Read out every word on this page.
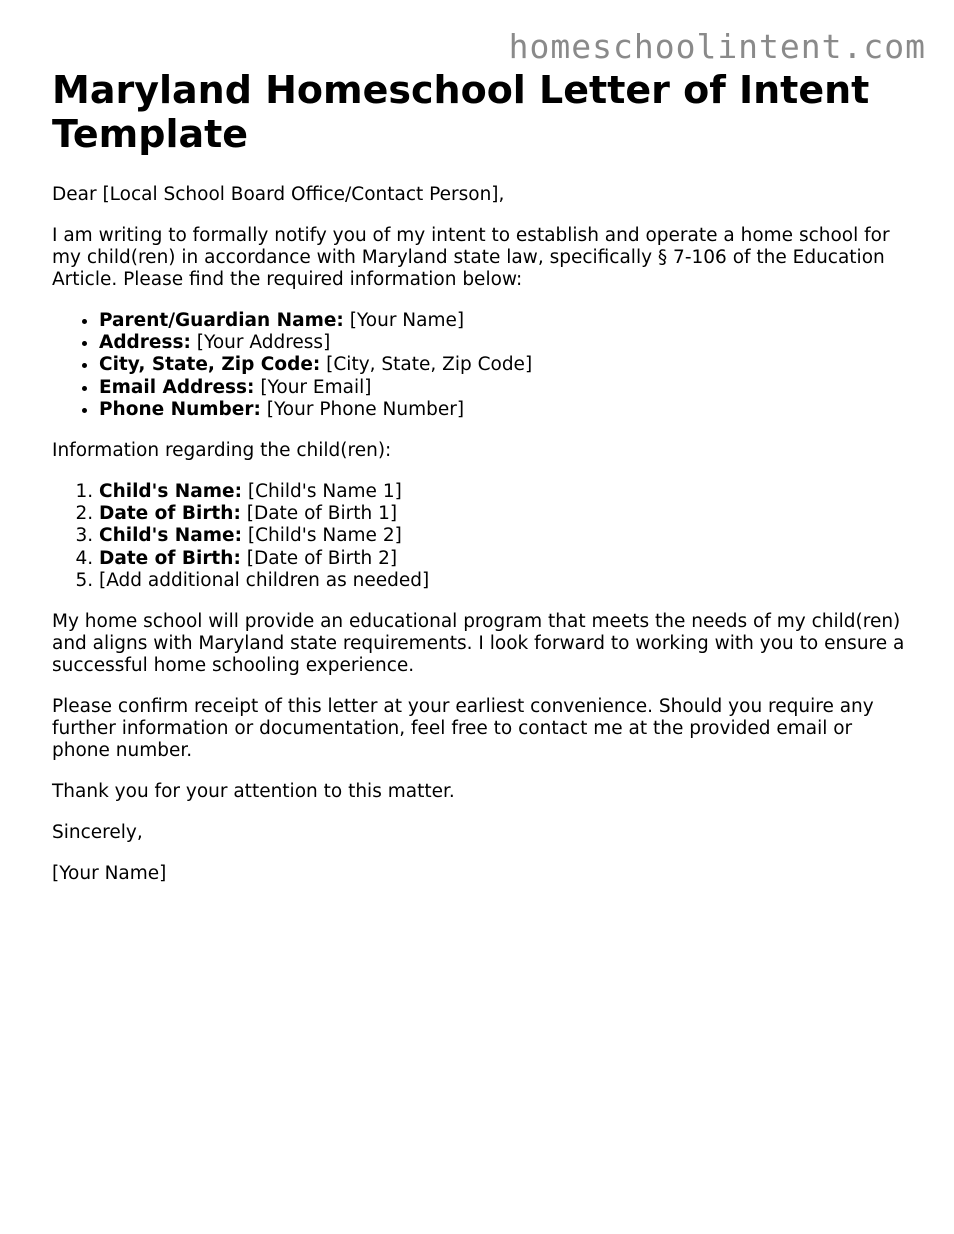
homeschoolintent.com
Maryland Homeschool Letter of Intent Template

Dear [Local School Board Office/Contact Person],

I am writing to formally notify you of my intent to establish and operate a home school for my child(ren) in accordance with Maryland state law, specifically § 7-106 of the Education Article. Please find the required information below:

• Parent/Guardian Name: [Your Name]
• Address: [Your Address]
• City, State, Zip Code: [City, State, Zip Code]
• Email Address: [Your Email]
• Phone Number: [Your Phone Number]

Information regarding the child(ren):

1. Child's Name: [Child's Name 1]
2. Date of Birth: [Date of Birth 1]
3. Child's Name: [Child's Name 2]
4. Date of Birth: [Date of Birth 2]
5. [Add additional children as needed]

My home school will provide an educational program that meets the needs of my child(ren) and aligns with Maryland state requirements. I look forward to working with you to ensure a successful home schooling experience.

Please confirm receipt of this letter at your earliest convenience. Should you require any further information or documentation, feel free to contact me at the provided email or phone number.

Thank you for your attention to this matter.

Sincerely,

[Your Name]
